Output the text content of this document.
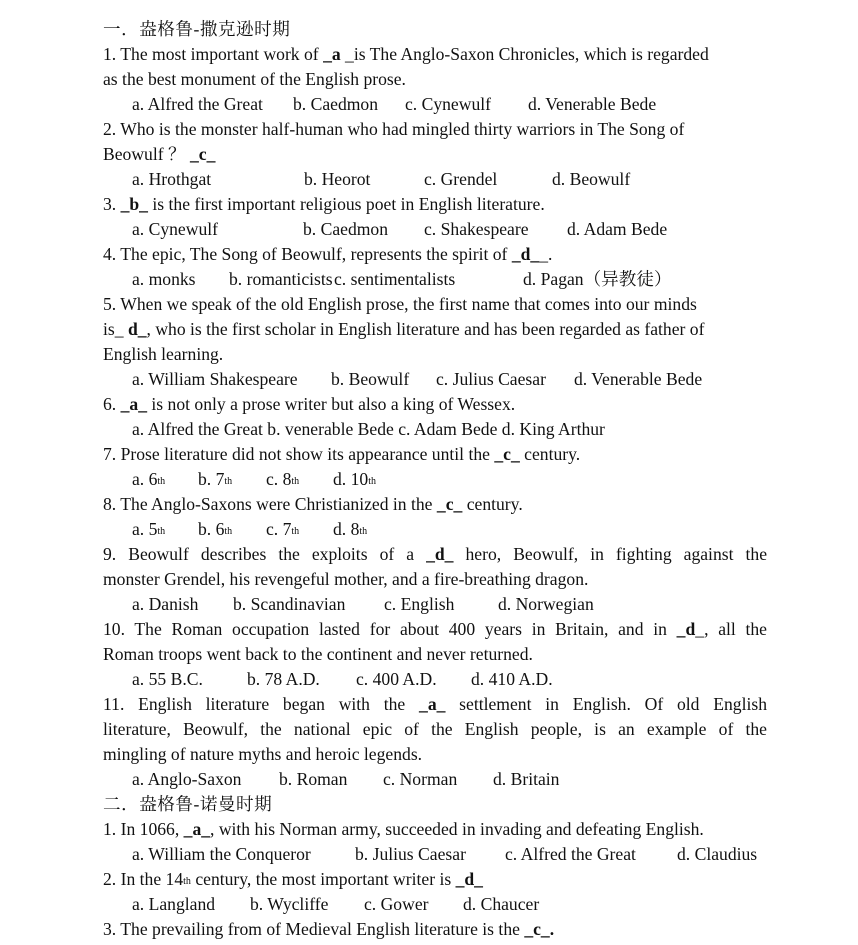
一．盎格鲁-撒克逊时期
1. The most important work of _a _is The Anglo-Saxon Chronicles, which is regarded
as the best monument of the English prose.
a. Alfred the Great b. Caedmon c. Cynewulf d. Venerable Bede
2. Who is the monster half-human who had mingled thirty warriors in The Song of
Beowulf ？ _c_
a. Hrothgat	b. Heorot	c. Grendel	d. Beowulf
3. _b_ is the first important religious poet in English literature.
a. Cynewulf	b. Caedmon c. Shakespeare d. Adam Bede
4. The epic, The Song of Beowulf, represents the spirit of _d__.
a. monks b. romanticists c. sentimentalists	d. Pagan（异教徒）
5. When we speak of the old English prose, the first name that comes into our minds
is_ d_, who is the first scholar in English literature and has been regarded as father of
English learning.
a. William Shakespeare b. Beowulf c. Julius Caesar d. Venerable Bede
6. _a_ is not only a prose writer but also a king of Wessex.
a. Alfred the Great b. venerable Bede c. Adam Bede d. King Arthur
7. Prose literature did not show its appearance until the _c_ century.
a. 6th b. 7th c. 8th d. 10th
8. The Anglo-Saxons were Christianized in the _c_ century.
a. 5th b. 6th c. 7th d. 8th
9. Beowulf describes the exploits of a _d_ hero, Beowulf, in fighting against the
monster Grendel, his revengeful mother, and a fire-breathing dragon.
a. Danish b. Scandinavian c. English d. Norwegian
10. The Roman occupation lasted for about 400 years in Britain, and in _d_, all the
Roman troops went back to the continent and never returned.
a. 55 B.C.	b. 78 A.D. c. 400 A.D. d. 410 A.D.
11. English literature began with the _a_ settlement in English. Of old English
literature, Beowulf, the national epic of the English people, is an example of the
mingling of nature myths and heroic legends.
a. Anglo-Saxon b. Roman c. Norman d. Britain
二．盎格鲁-诺曼时期
1. In 1066, _a_, with his Norman army, succeeded in invading and defeating English.
a. William the Conqueror	b. Julius Caesar c. Alfred the Great d. Claudius
2. In the 14th century, the most important writer is _d_
a. Langland b. Wycliffe c. Gower d. Chaucer
3. The prevailing from of Medieval English literature is the _c_.
